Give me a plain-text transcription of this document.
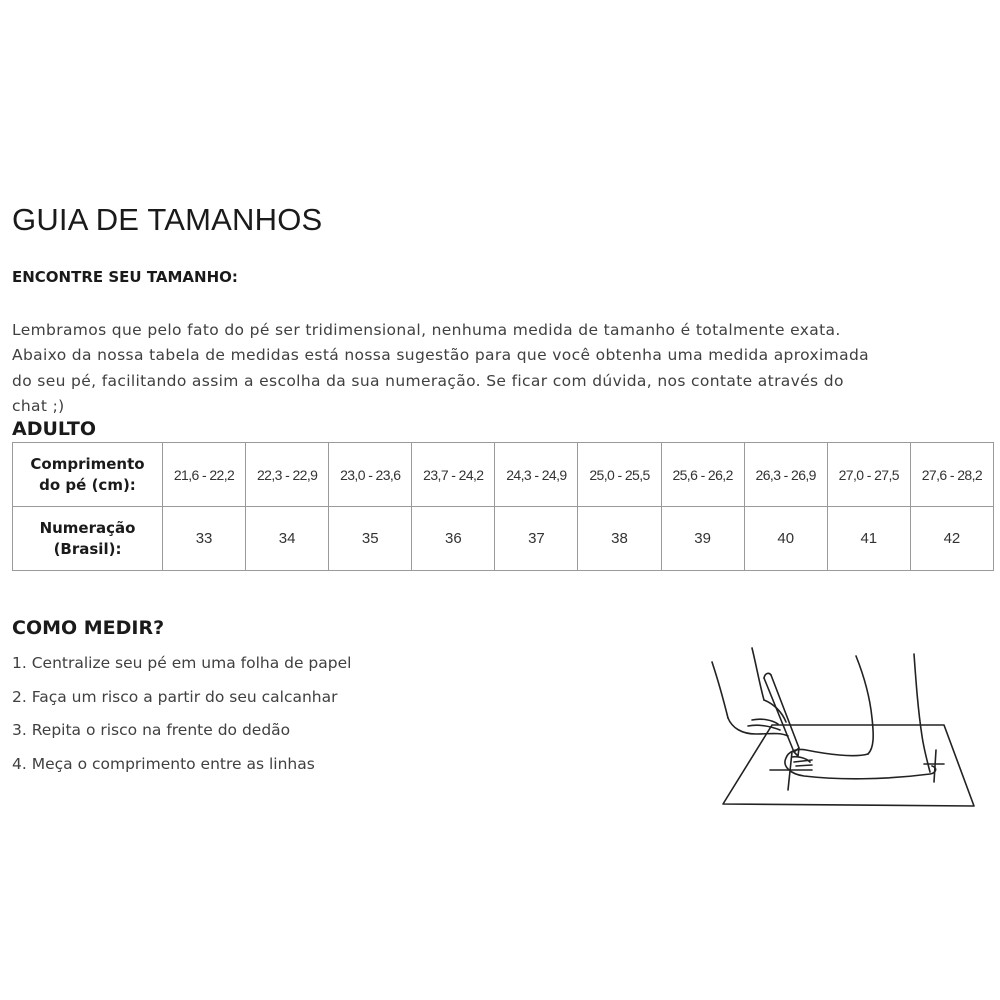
GUIA DE TAMANHOS
ENCONTRE SEU TAMANHO:
Lembramos que pelo fato do pé ser tridimensional, nenhuma medida de tamanho é totalmente exata.
Abaixo da nossa tabela de medidas está nossa sugestão para que você obtenha uma medida aproximada
do seu pé, facilitando assim a escolha da sua numeração. Se ficar com dúvida, nos contate através do
chat ;)
ADULTO
Comprimento
do pé (cm):	21,6 - 22,2	22,3 - 22,9	23,0 - 23,6	23,7 - 24,2	24,3 - 24,9	25,0 - 25,5	25,6 - 26,2	26,3 - 26,9	27,0 - 27,5	27,6 - 28,2
Numeração
(Brasil):	33	34	35	36	37	38	39	40	41	42
COMO MEDIR?
1. Centralize seu pé em uma folha de papel
2. Faça um risco a partir do seu calcanhar
3. Repita o risco na frente do dedão
4. Meça o comprimento entre as linhas
